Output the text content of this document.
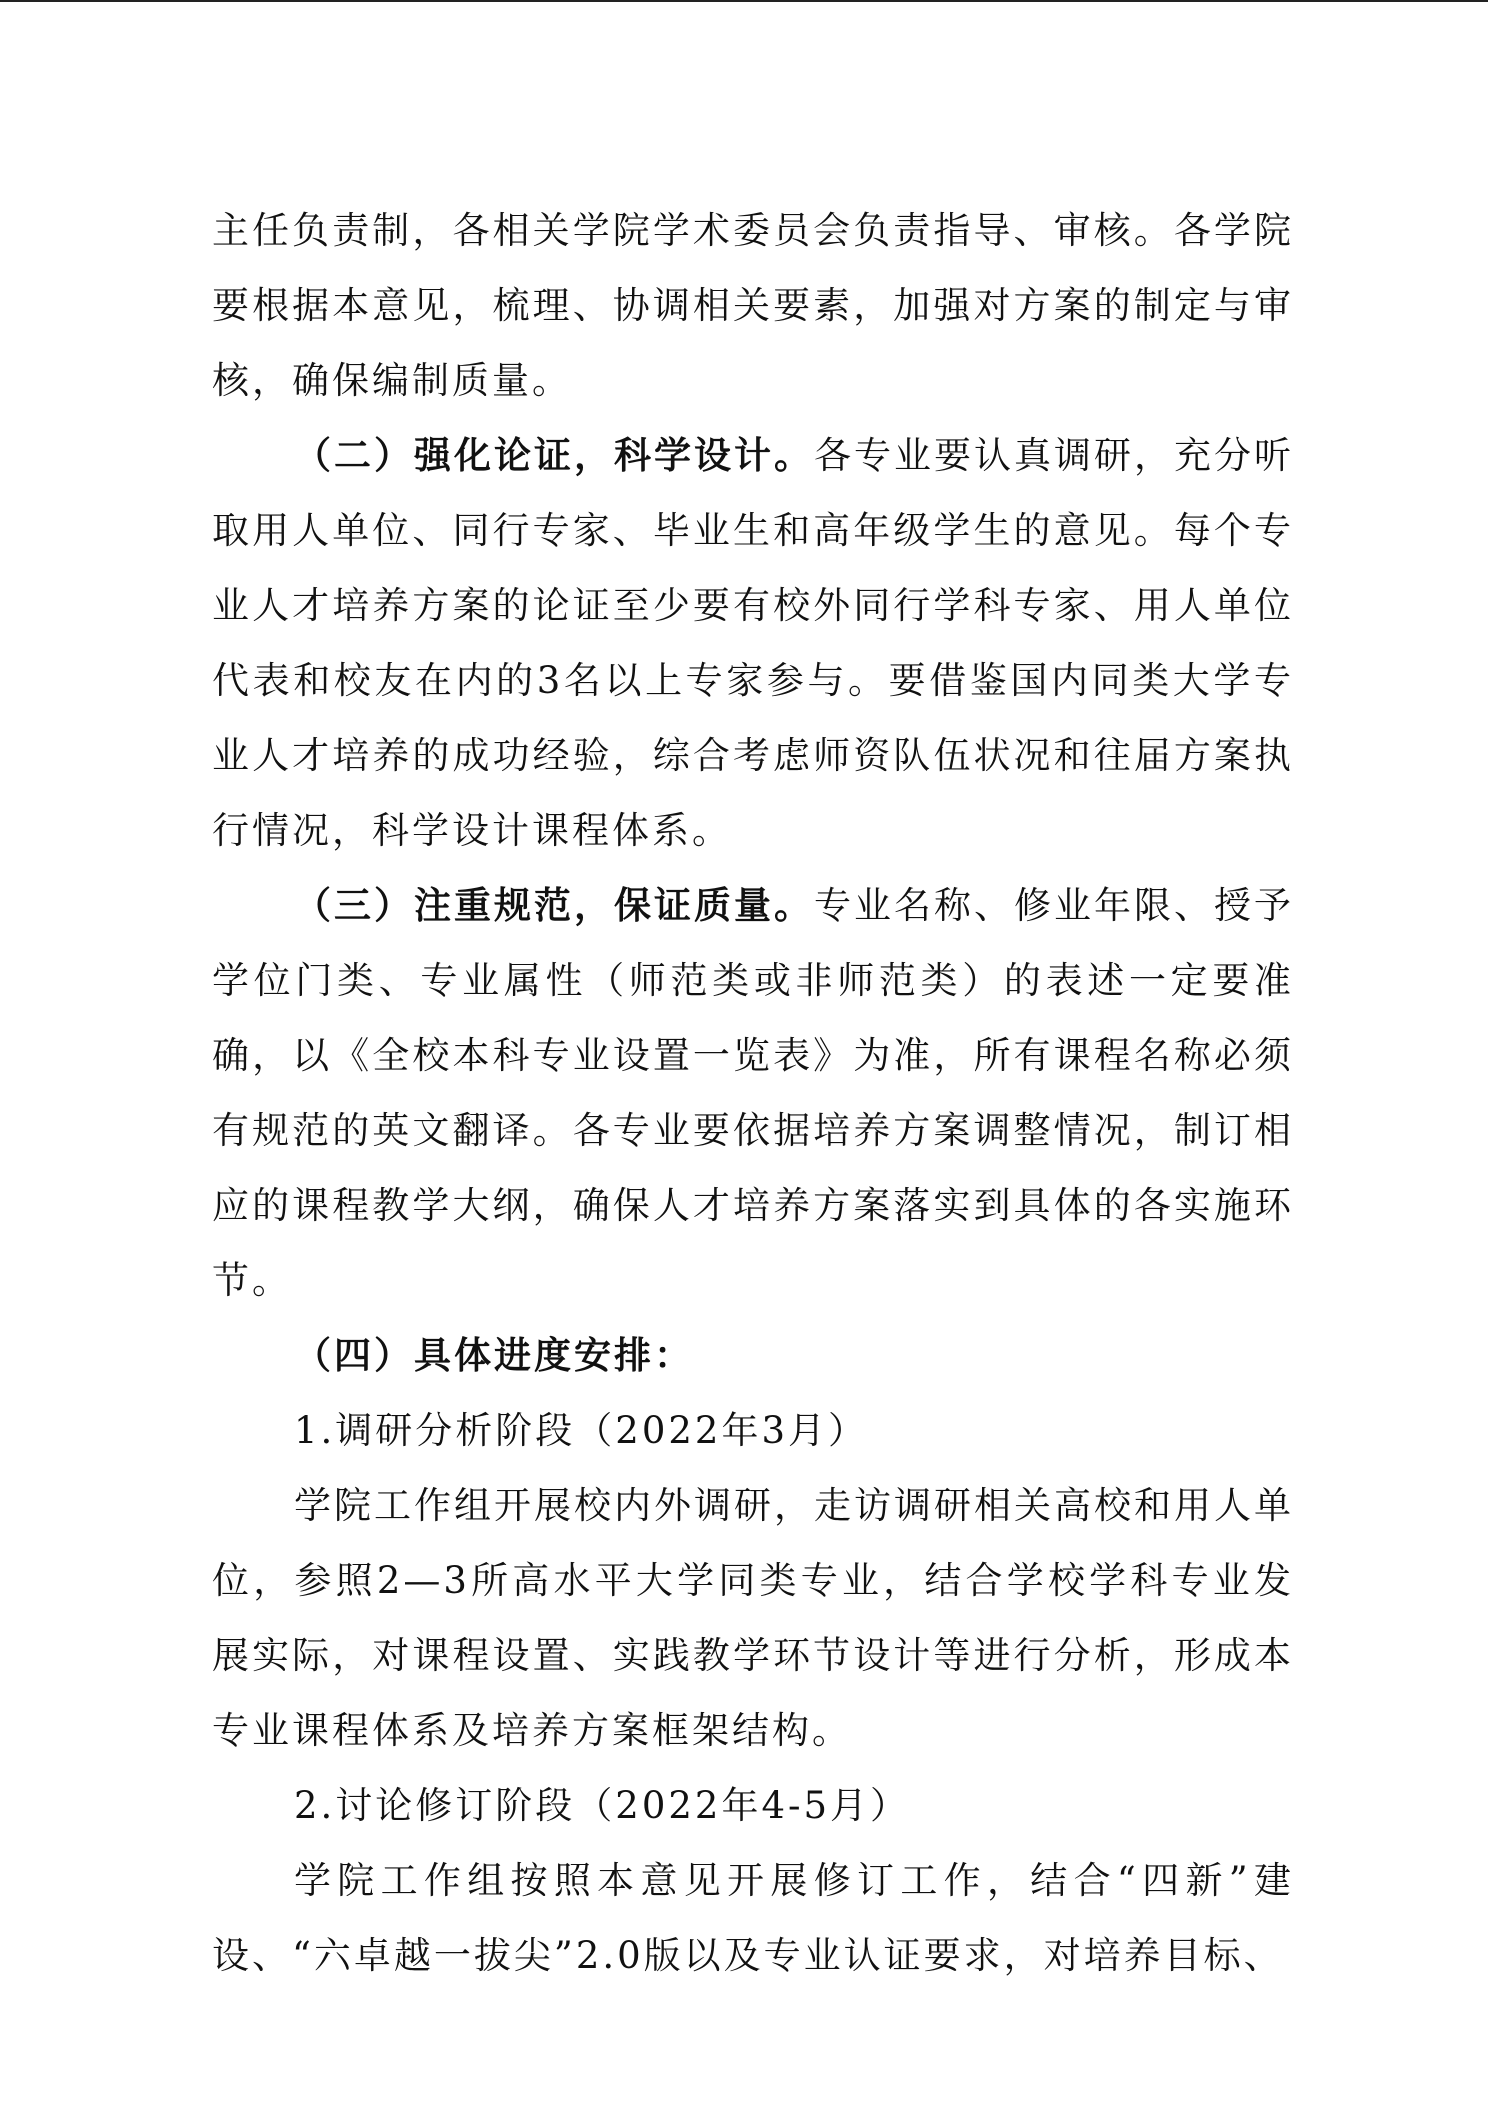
主任负责制，各相关学院学术委员会负责指导、审核。各学院要根据本意见，梳理、协调相关要素，加强对方案的制定与审核，确保编制质量。

（二）强化论证，科学设计。各专业要认真调研，充分听取用人单位、同行专家、毕业生和高年级学生的意见。每个专业人才培养方案的论证至少要有校外同行学科专家、用人单位代表和校友在内的3名以上专家参与。要借鉴国内同类大学专业人才培养的成功经验，综合考虑师资队伍状况和往届方案执行情况，科学设计课程体系。

（三）注重规范，保证质量。专业名称、修业年限、授予学位门类、专业属性（师范类或非师范类）的表述一定要准确，以《全校本科专业设置一览表》为准，所有课程名称必须有规范的英文翻译。各专业要依据培养方案调整情况，制订相应的课程教学大纲，确保人才培养方案落实到具体的各实施环节。

（四）具体进度安排：

1.调研分析阶段（2022年3月）

学院工作组开展校内外调研，走访调研相关高校和用人单位，参照2—3所高水平大学同类专业，结合学校学科专业发展实际，对课程设置、实践教学环节设计等进行分析，形成本专业课程体系及培养方案框架结构。

2.讨论修订阶段（2022年4-5月）

学院工作组按照本意见开展修订工作，结合“四新”建设、“六卓越一拔尖”2.0版以及专业认证要求，对培养目标、
